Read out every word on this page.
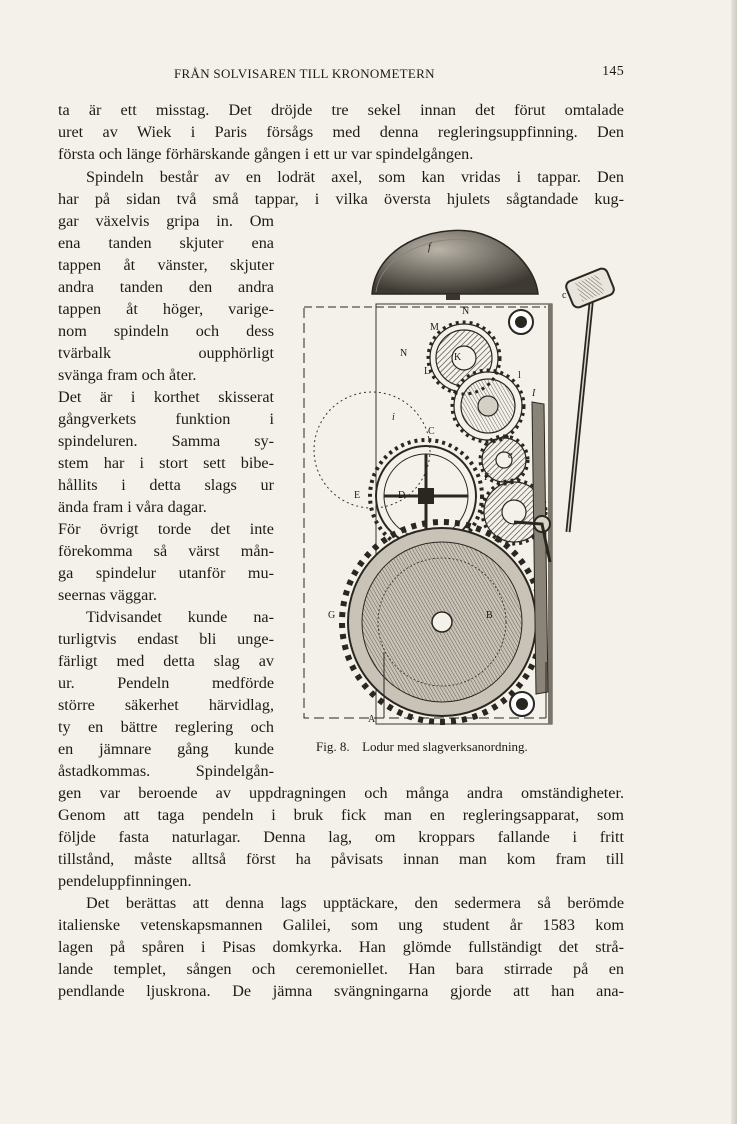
FRÅN SOLVISAREN TILL KRONOMETERN	145
ta är ett misstag. Det dröjde tre sekel innan det förut omtalade
uret av Wiek i Paris försågs med denna regleringsuppfinning. Den
första och länge förhärskande gången i ett ur var spindelgången.
Spindeln består av en lodrät axel, som kan vridas i tappar. Den
har på sidan två små tappar, i vilka översta hjulets sågtandade kug-
gar växelvis gripa in. Om
ena tanden skjuter ena
tappen åt vänster, skjuter
andra tanden den andra
tappen åt höger, varige-
nom spindeln och dess
tvärbalk oupphörligt
svänga fram och åter.
Det är i korthet skisserat
gångverkets funktion i
spindeluren. Samma sy-
stem har i stort sett bibe-
hållits i detta slags ur
ända fram i våra dagar.
För övrigt torde det inte
förekomma så värst mån-
ga spindelur utanför mu-
seernas väggar.
Tidvisandet kunde na-
turligtvis endast bli unge-
färligt med detta slag av
ur. Pendeln medförde
större säkerhet härvidlag,
ty en bättre reglering och
en jämnare gång kunde
åstadkommas. Spindelgån-
f
c
M
N
N	K
L	l
I
C
E	D
F
B
G
A
i
e
Fig. 8. Lodur med slagverksanordning.
gen var beroende av uppdragningen och många andra omständigheter.
Genom att taga pendeln i bruk fick man en regleringsapparat, som
följde fasta naturlagar. Denna lag, om kroppars fallande i fritt
tillstånd, måste alltså först ha påvisats innan man kom fram till
pendeluppfinningen.
Det berättas att denna lags upptäckare, den sedermera så berömde
italienske vetenskapsmannen Galilei, som ung student år 1583 kom
lagen på spåren i Pisas domkyrka. Han glömde fullständigt det strå-
lande templet, sången och ceremoniellet. Han bara stirrade på en
pendlande ljuskrona. De jämna svängningarna gjorde att han ana-
